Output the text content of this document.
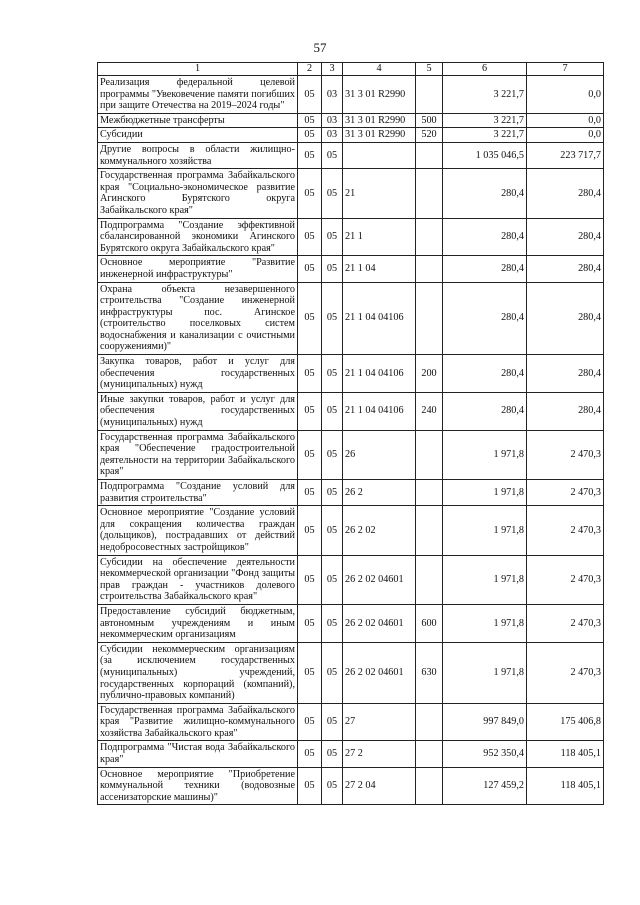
57
1	2	3	4	5	6	7
Реализация федеральной целевой программы "Увековечение памяти погибших при защите Отечества на 2019–2024 годы"	05	03	31 3 01 R2990		3 221,7	0,0
Межбюджетные трансферты	05	03	31 3 01 R2990	500	3 221,7	0,0
Субсидии	05	03	31 3 01 R2990	520	3 221,7	0,0
Другие вопросы в области жилищно-коммунального хозяйства	05	05			1 035 046,5	223 717,7
Государственная программа Забайкальского края "Социально-экономическое развитие Агинского Бурятского округа Забайкальского края"	05	05	21		280,4	280,4
Подпрограмма "Создание эффективной сбалансированной экономики Агинского Бурятского округа Забайкальского края"	05	05	21 1		280,4	280,4
Основное мероприятие "Развитие инженерной инфраструктуры"	05	05	21 1 04		280,4	280,4
Охрана объекта незавершенного строительства "Создание инженерной инфраструктуры пос. Агинское (строительство поселковых систем водоснабжения и канализации с очистными сооружениями)"	05	05	21 1 04 04106		280,4	280,4
Закупка товаров, работ и услуг для обеспечения государственных (муниципальных) нужд	05	05	21 1 04 04106	200	280,4	280,4
Иные закупки товаров, работ и услуг для обеспечения государственных (муниципальных) нужд	05	05	21 1 04 04106	240	280,4	280,4
Государственная программа Забайкальского края "Обеспечение градостроительной деятельности на территории Забайкальского края"	05	05	26		1 971,8	2 470,3
Подпрограмма "Создание условий для развития строительства"	05	05	26 2		1 971,8	2 470,3
Основное мероприятие "Создание условий для сокращения количества граждан (дольщиков), пострадавших от действий недобросовестных застройщиков"	05	05	26 2 02		1 971,8	2 470,3
Субсидии на обеспечение деятельности некоммерческой организации "Фонд защиты прав граждан - участников долевого строительства Забайкальского края"	05	05	26 2 02 04601		1 971,8	2 470,3
Предоставление субсидий бюджетным, автономным учреждениям и иным некоммерческим организациям	05	05	26 2 02 04601	600	1 971,8	2 470,3
Субсидии некоммерческим организациям (за исключением государственных (муниципальных) учреждений, государственных корпораций (компаний), публично-правовых компаний)	05	05	26 2 02 04601	630	1 971,8	2 470,3
Государственная программа Забайкальского края "Развитие жилищно-коммунального хозяйства Забайкальского края"	05	05	27		997 849,0	175 406,8
Подпрограмма "Чистая вода Забайкальского края"	05	05	27 2		952 350,4	118 405,1
Основное мероприятие "Приобретение коммунальной техники (водовозные ассенизаторские машины)"	05	05	27 2 04		127 459,2	118 405,1
